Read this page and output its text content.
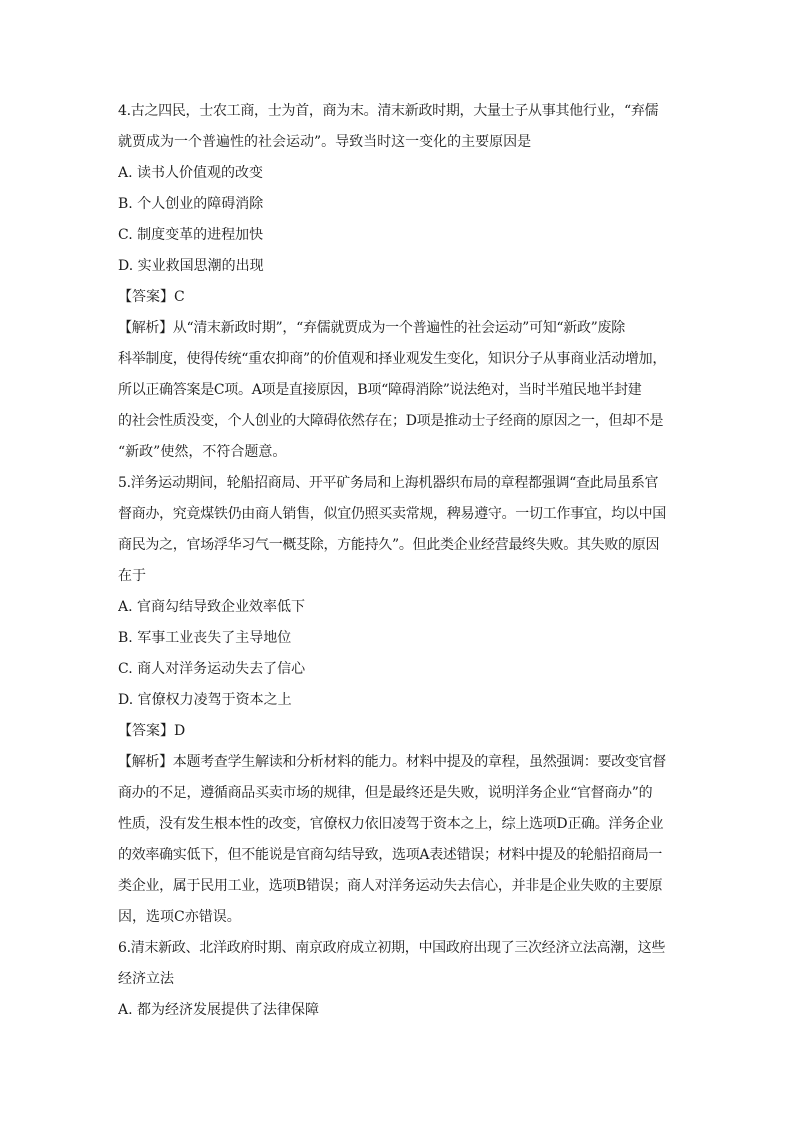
4.古之四民，士农工商，士为首，商为末。清末新政时期，大量士子从事其他行业，“弃儒
就贾成为一个普遍性的社会运动”。导致当时这一变化的主要原因是
A. 读书人价值观的改变
B. 个人创业的障碍消除
C. 制度变革的进程加快
D. 实业救国思潮的出现
【答案】C
【解析】从“清末新政时期”，“弃儒就贾成为一个普遍性的社会运动”可知“新政”废除
科举制度，使得传统“重农抑商”的价值观和择业观发生变化，知识分子从事商业活动增加，
所以正确答案是C项。A项是直接原因，B项“障碍消除”说法绝对，当时半殖民地半封建
的社会性质没变，个人创业的大障碍依然存在；D项是推动士子经商的原因之一，但却不是
“新政”使然，不符合题意。
5.洋务运动期间，轮船招商局、开平矿务局和上海机器织布局的章程都强调“查此局虽系官
督商办，究竟煤铁仍由商人销售，似宜仍照买卖常规，稗易遵守。一切工作事宜，均以中国
商民为之，官场浮华习气一概芟除，方能持久”。但此类企业经营最终失败。其失败的原因
在于
A. 官商勾结导致企业效率低下
B. 军事工业丧失了主导地位
C. 商人对洋务运动失去了信心
D. 官僚权力凌驾于资本之上
【答案】D
【解析】本题考查学生解读和分析材料的能力。材料中提及的章程，虽然强调：要改变官督
商办的不足，遵循商品买卖市场的规律，但是最终还是失败，说明洋务企业“官督商办”的
性质，没有发生根本性的改变，官僚权力依旧凌驾于资本之上，综上选项D正确。洋务企业
的效率确实低下，但不能说是官商勾结导致，选项A表述错误；材料中提及的轮船招商局一
类企业，属于民用工业，选项B错误；商人对洋务运动失去信心，并非是企业失败的主要原
因，选项C亦错误。
6.清末新政、北洋政府时期、南京政府成立初期，中国政府出现了三次经济立法高潮，这些
经济立法
A. 都为经济发展提供了法律保障
